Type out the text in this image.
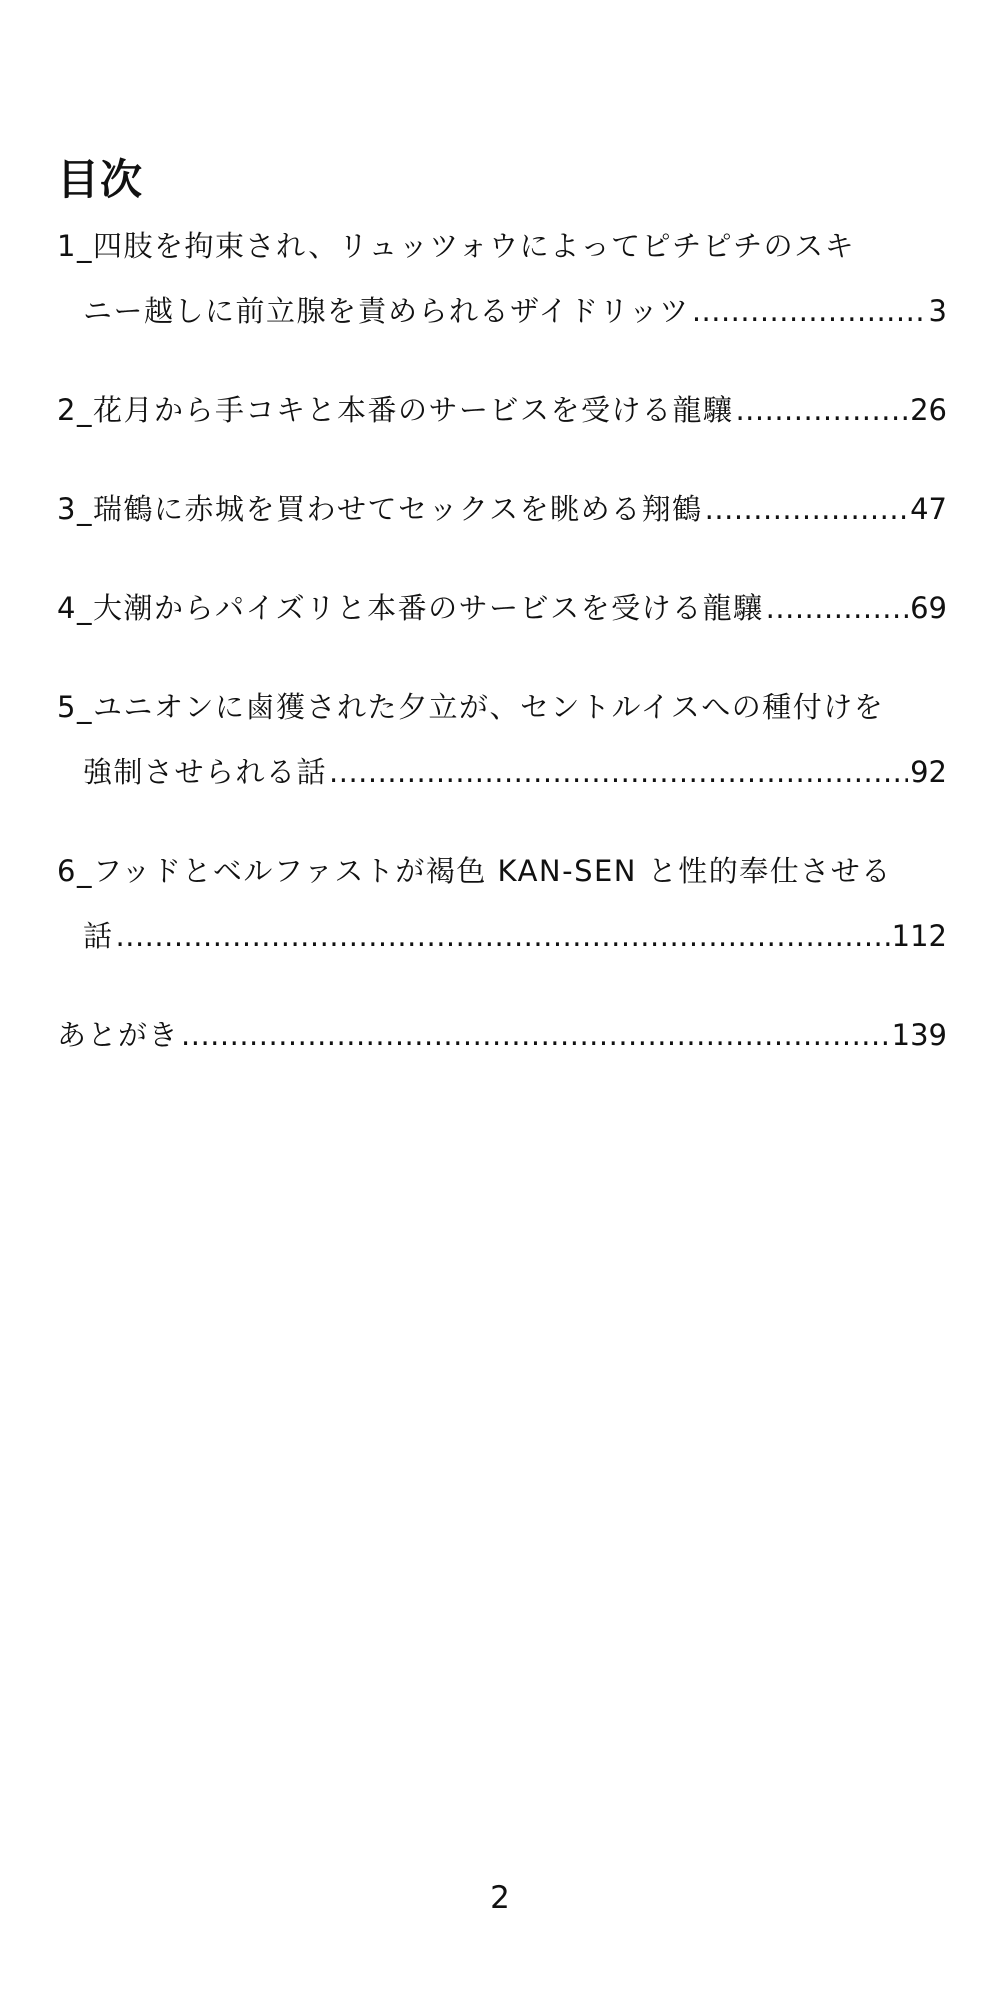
目次
1_四肢を拘束され、リュッツォウによってピチピチのスキ
ニー越しに前立腺を責められるザイドリッツ .....	3
2_花月から手コキと本番のサービスを受ける龍驤 .....	26
3_瑞鶴に赤城を買わせてセックスを眺める翔鶴 .....	47
4_大潮からパイズリと本番のサービスを受ける龍驤 .....	69
5_ユニオンに鹵獲された夕立が、セントルイスへの種付けを
強制させられる話 .....	92
6_フッドとベルファストが褐色 KAN-SEN と性的奉仕させる
話 .....	112
あとがき .....	139
2
